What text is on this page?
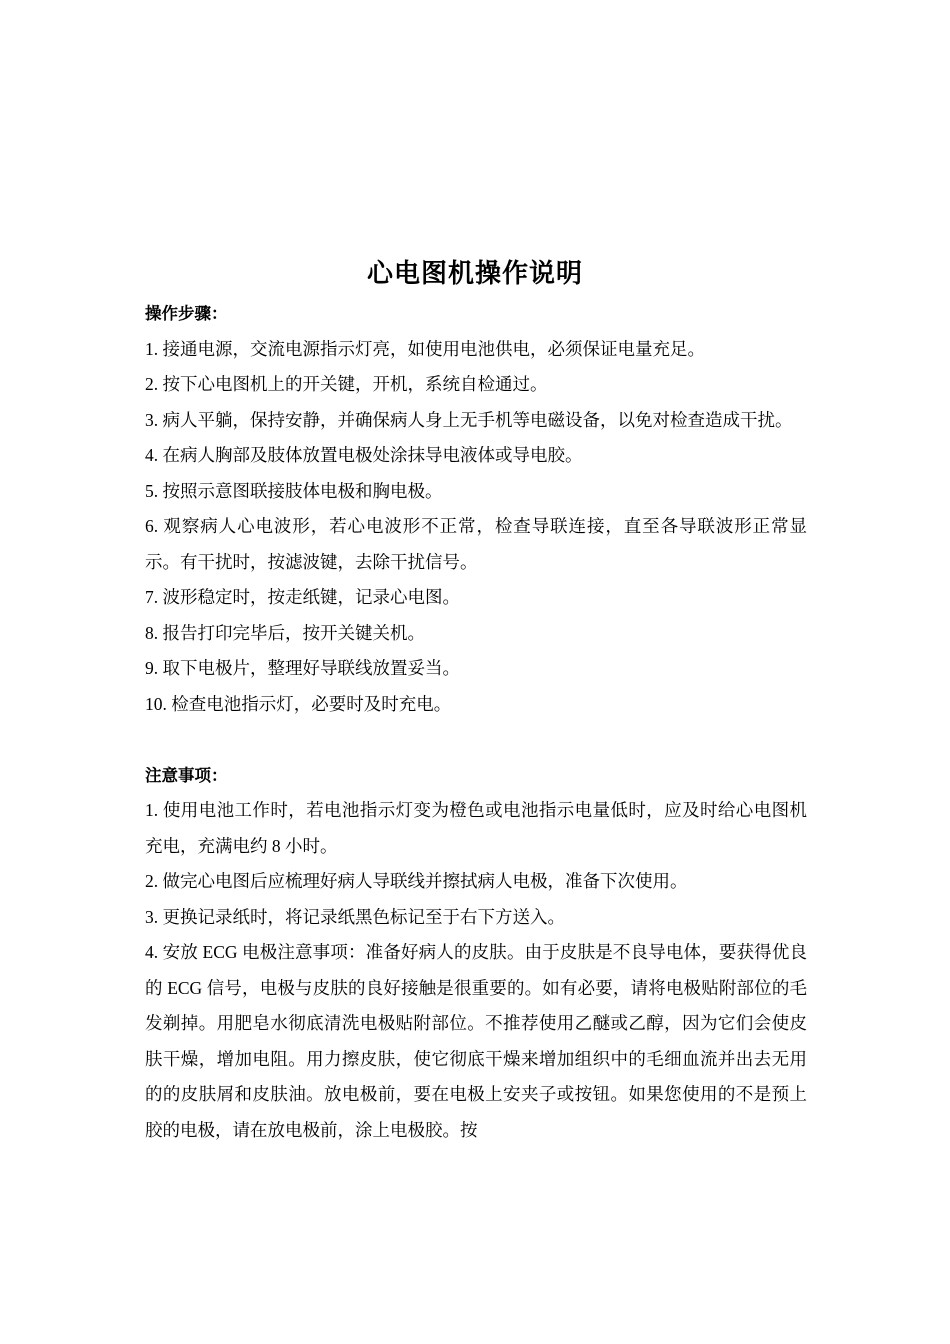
心电图机操作说明
操作步骤：
1. 接通电源，交流电源指示灯亮，如使用电池供电，必须保证电量充足。
2. 按下心电图机上的开关键，开机，系统自检通过。
3. 病人平躺，保持安静，并确保病人身上无手机等电磁设备，以免对检查造成干扰。
4. 在病人胸部及肢体放置电极处涂抹导电液体或导电胶。
5. 按照示意图联接肢体电极和胸电极。
6. 观察病人心电波形，若心电波形不正常，检查导联连接，直至各导联波形正常显示。有干扰时，按滤波键，去除干扰信号。
7. 波形稳定时，按走纸键，记录心电图。
8. 报告打印完毕后，按开关键关机。
9. 取下电极片，整理好导联线放置妥当。
10. 检查电池指示灯，必要时及时充电。
注意事项：
1. 使用电池工作时，若电池指示灯变为橙色或电池指示电量低时，应及时给心电图机充电，充满电约 8 小时。
2. 做完心电图后应梳理好病人导联线并擦拭病人电极，准备下次使用。
3. 更换记录纸时，将记录纸黑色标记至于右下方送入。
4. 安放 ECG 电极注意事项：准备好病人的皮肤。由于皮肤是不良导电体，要获得优良的 ECG 信号，电极与皮肤的良好接触是很重要的。如有必要，请将电极贴附部位的毛发剃掉。用肥皂水彻底清洗电极贴附部位。不推荐使用乙醚或乙醇，因为它们会使皮肤干燥，增加电阻。用力擦皮肤，使它彻底干燥来增加组织中的毛细血流并出去无用的的皮肤屑和皮肤油。放电极前，要在电极上安夹子或按钮。如果您使用的不是预上胶的电极，请在放电极前，涂上电极胶。按
